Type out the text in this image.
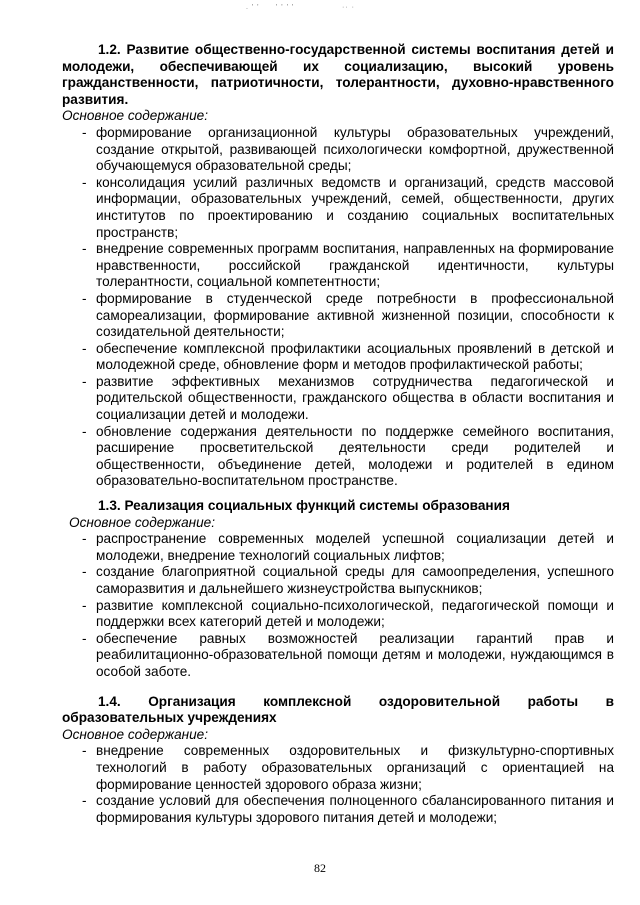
. ' ' ' ' ' '	·· ·

1.2. Развитие общественно-государственной системы воспитания детей и молодежи, обеспечивающей их социализацию, высокий уровень гражданственности, патриотичности, толерантности, духовно-нравственного развития.

Основное содержание:

- формирование организационной культуры образовательных учреждений, создание открытой, развивающей психологически комфортной, дружественной обучающемуся образовательной среды;
- консолидация усилий различных ведомств и организаций, средств массовой информации, образовательных учреждений, семей, общественности, других институтов по проектированию и созданию социальных воспитательных пространств;
- внедрение современных программ воспитания, направленных на формирование нравственности, российской гражданской идентичности, культуры толерантности, социальной компетентности;
- формирование в студенческой среде потребности в профессиональной самореализации, формирование активной жизненной позиции, способности к созидательной деятельности;
- обеспечение комплексной профилактики асоциальных проявлений в детской и молодежной среде, обновление форм и методов профилактической работы;
- развитие эффективных механизмов сотрудничества педагогической и родительской общественности, гражданского общества в области воспитания и социализации детей и молодежи.
- обновление содержания деятельности по поддержке семейного воспитания, расширение просветительской деятельности среди родителей и общественности, объединение детей, молодежи и родителей в едином образовательно-воспитательном пространстве.

1.3. Реализация социальных функций системы образования

Основное содержание:

- распространение современных моделей успешной социализации детей и молодежи, внедрение технологий социальных лифтов;
- создание благоприятной социальной среды для самоопределения, успешного саморазвития и дальнейшего жизнеустройства выпускников;
- развитие комплексной социально-психологической, педагогической помощи и поддержки всех категорий детей и молодежи;
- обеспечение равных возможностей реализации гарантий прав и реабилитационно-образовательной помощи детям и молодежи, нуждающимся в особой заботе.

1.4. Организация комплексной оздоровительной работы в образовательных учреждениях

Основное содержание:

- внедрение современных оздоровительных и физкультурно-спортивных технологий в работу образовательных организаций с ориентацией на формирование ценностей здорового образа жизни;
- создание условий для обеспечения полноценного сбалансированного питания и формирования культуры здорового питания детей и молодежи;
82
